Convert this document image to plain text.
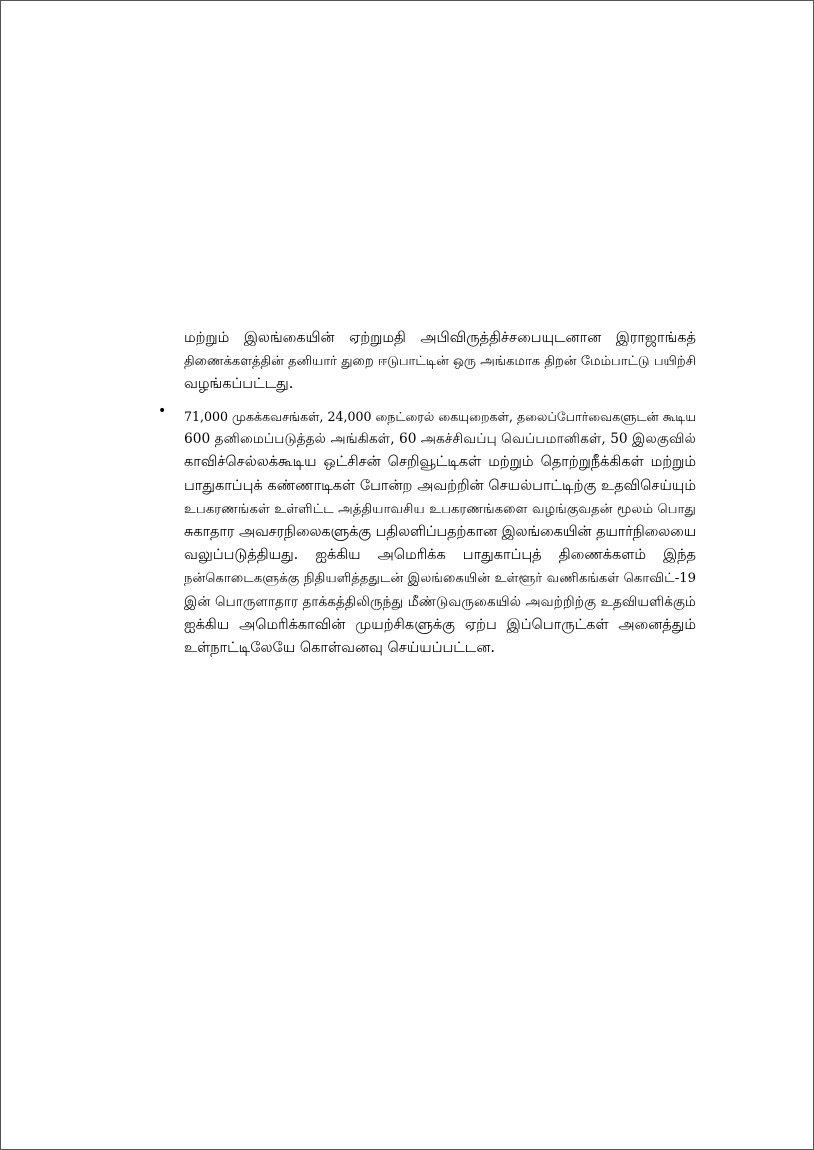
மற்றும் இலங்கையின் ஏற்றுமதி அபிவிருத்திச்சபையுடனான இராஜாங்கத்
திணைக்களத்தின் தனியார் துறை ஈடுபாட்டின் ஒரு அங்கமாக திறன் மேம்பாட்டு பயிற்சி
வழங்கப்பட்டது.
• 71,000 முகக்கவசங்கள், 24,000 நைட்ரைல் கையுறைகள், தலைப்போர்வைகளுடன் கூடிய
600 தனிமைப்படுத்தல் அங்கிகள், 60 அகச்சிவப்பு வெப்பமானிகள், 50 இலகுவில்
காவிச்செல்லக்கூடிய ஒட்சிசன் செறிவூட்டிகள் மற்றும் தொற்றுநீக்கிகள் மற்றும்
பாதுகாப்புக் கண்ணாடிகள் போன்ற அவற்றின் செயல்பாட்டிற்கு உதவிசெய்யும்
உபகரணங்கள் உள்ளிட்ட அத்தியாவசிய உபகரணங்களை வழங்குவதன் மூலம் பொது
சுகாதார அவசரநிலைகளுக்கு பதிலளிப்பதற்கான இலங்கையின் தயார்நிலையை
வலுப்படுத்தியது. ஐக்கிய அமெரிக்க பாதுகாப்புத் திணைக்களம் இந்த
நன்கொடைகளுக்கு நிதியளித்ததுடன் இலங்கையின் உள்ளூர் வணிகங்கள் கொவிட்-19
இன் பொருளாதார தாக்கத்திலிருந்து மீண்டுவருகையில் அவற்றிற்கு உதவியளிக்கும்
ஐக்கிய அமெரிக்காவின் முயற்சிகளுக்கு ஏற்ப இப்பொருட்கள் அனைத்தும்
உள்நாட்டிலேயே கொள்வனவு செய்யப்பட்டன.
